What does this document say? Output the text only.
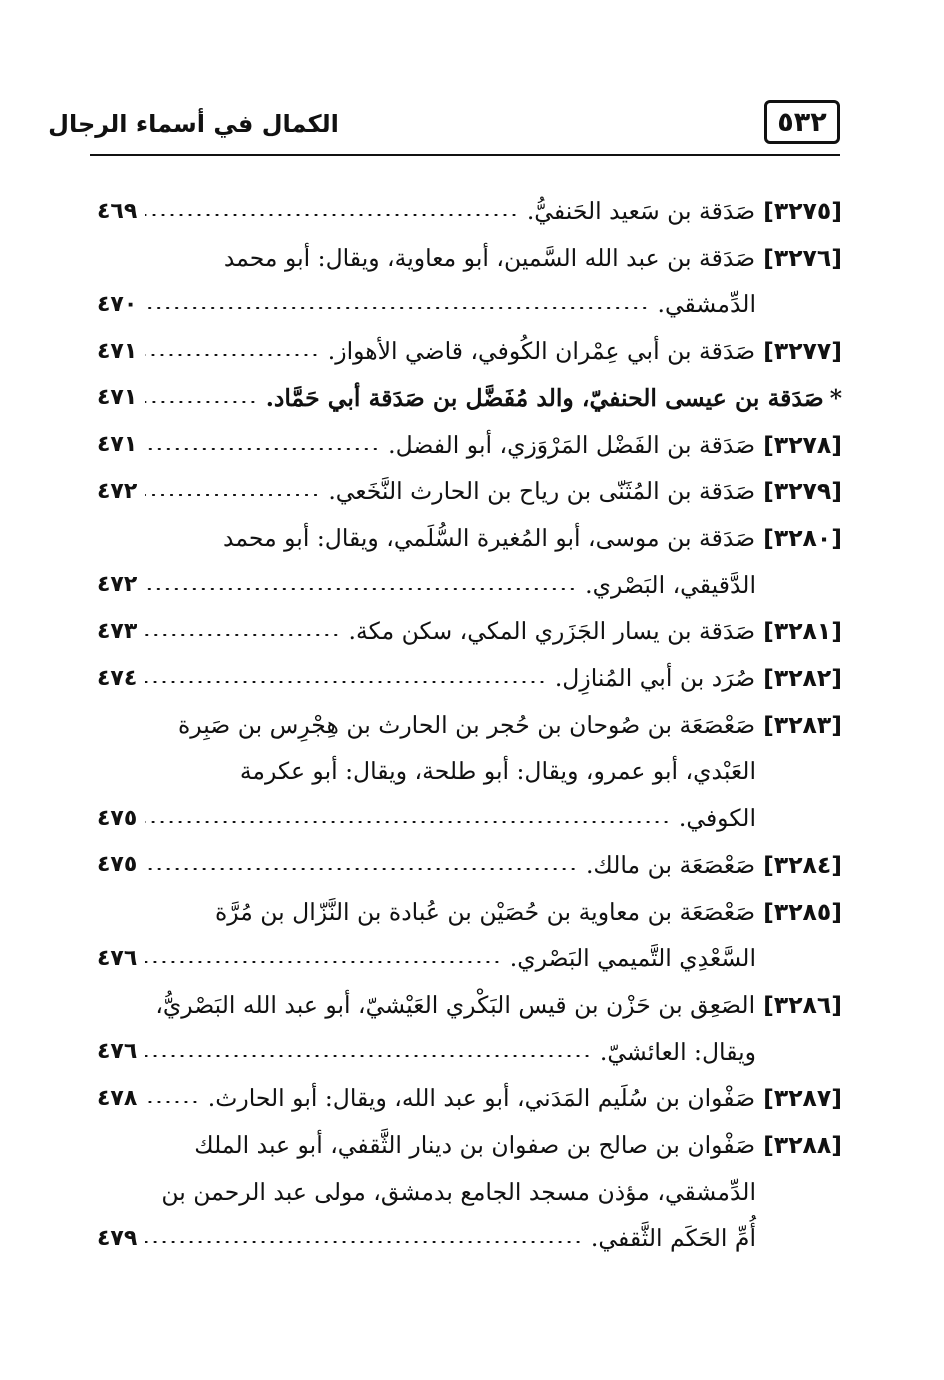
٥٣٢
الكمال في أسماء الرجال
[٣٢٧٥]
صَدَقة بن سَعيد الحَنفيُّ.
٤٦٩
[٣٢٧٦]
صَدَقة بن عبد الله السَّمين، أبو معاوية، ويقال: أبو محمد
الدِّمشقي.
٤٧٠
[٣٢٧٧]
صَدَقة بن أبي عِمْران الكُوفي، قاضي الأهواز.
٤٧١
*
صَدَقة بن عيسى الحنفيّ، والد مُفَضَّل بن صَدَقة أبي حَمَّاد.
٤٧١
[٣٢٧٨]
صَدَقة بن الفَضْل المَرْوَزي، أبو الفضل.
٤٧١
[٣٢٧٩]
صَدَقة بن المُثَنّى بن رياح بن الحارث النَّخَعي.
٤٧٢
[٣٢٨٠]
صَدَقة بن موسى، أبو المُغيرة السُّلَمي، ويقال: أبو محمد
الدَّقيقي، البَصْري.
٤٧٢
[٣٢٨١]
صَدَقة بن يسار الجَزَري المكي، سكن مكة.
٤٧٣
[٣٢٨٢]
صُرَد بن أبي المُنازِل.
٤٧٤
[٣٢٨٣]
صَعْصَعَة بن صُوحان بن حُجر بن الحارث بن هِجْرِس بن صَبِرة
العَبْدي، أبو عمرو، ويقال: أبو طلحة، ويقال: أبو عكرمة
الكوفي.
٤٧٥
[٣٢٨٤]
صَعْصَعَة بن مالك.
٤٧٥
[٣٢٨٥]
صَعْصَعَة بن معاوية بن حُصَيْن بن عُبادة بن النَّزّال بن مُرَّة
السَّعْدِي التَّميمي البَصْري.
٤٧٦
[٣٢٨٦]
الصَعِق بن حَزْن بن قيس البَكْري العَيْشيّ، أبو عبد الله البَصْريُّ،
ويقال: العائشيّ.
٤٧٦
[٣٢٨٧]
صَفْوان بن سُلَيم المَدَني، أبو عبد الله، ويقال: أبو الحارث.
٤٧٨
[٣٢٨٨]
صَفْوان بن صالح بن صفوان بن دينار الثَّقفي، أبو عبد الملك
الدِّمشقي، مؤذن مسجد الجامع بدمشق، مولى عبد الرحمن بن
أُمِّ الحَكَم الثَّقفي.
٤٧٩
